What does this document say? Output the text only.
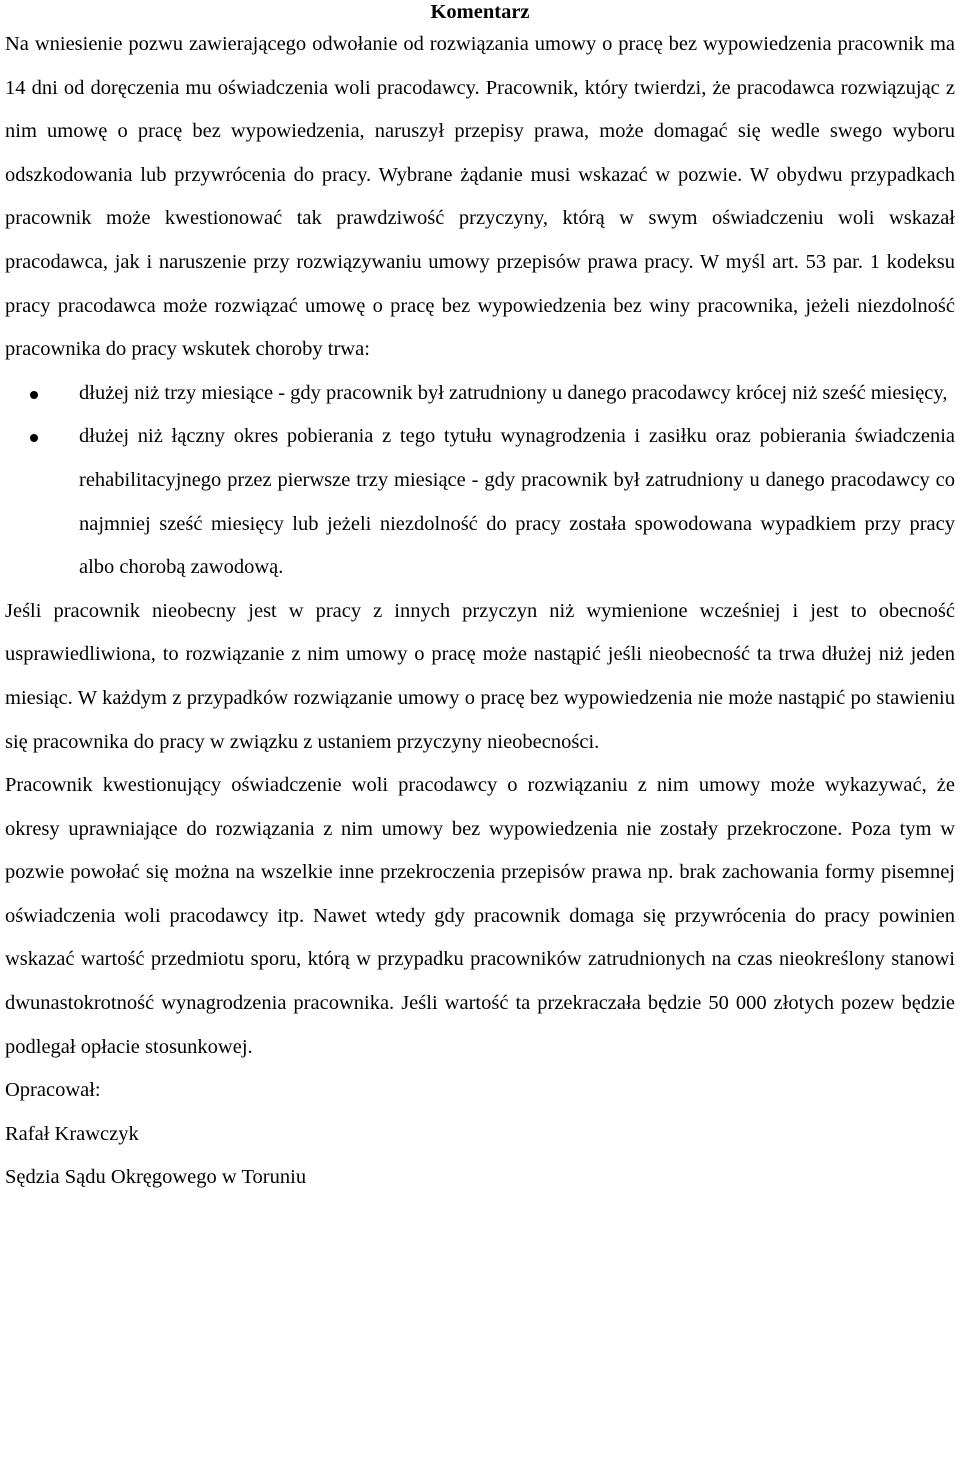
Komentarz

Na wniesienie pozwu zawierającego odwołanie od rozwiązania umowy o pracę bez wypowiedzenia pracownik ma 14 dni od doręczenia mu oświadczenia woli pracodawcy. Pracownik, który twierdzi, że pracodawca rozwiązując z nim umowę o pracę bez wypowiedzenia, naruszył przepisy prawa, może domagać się wedle swego wyboru odszkodowania lub przywrócenia do pracy. Wybrane żądanie musi wskazać w pozwie. W obydwu przypadkach pracownik może kwestionować tak prawdziwość przyczyny, którą w swym oświadczeniu woli wskazał pracodawca, jak i naruszenie przy rozwiązywaniu umowy przepisów prawa pracy. W myśl art. 53 par. 1 kodeksu pracy pracodawca może rozwiązać umowę o pracę bez wypowiedzenia bez winy pracownika, jeżeli niezdolność pracownika do pracy wskutek choroby trwa:

dłużej niż trzy miesiące - gdy pracownik był zatrudniony u danego pracodawcy krócej niż sześć miesięcy,
dłużej niż łączny okres pobierania z tego tytułu wynagrodzenia i zasiłku oraz pobierania świadczenia rehabilitacyjnego przez pierwsze trzy miesiące - gdy pracownik był zatrudniony u danego pracodawcy co najmniej sześć miesięcy lub jeżeli niezdolność do pracy została spowodowana wypadkiem przy pracy albo chorobą zawodową.

Jeśli pracownik nieobecny jest w pracy z innych przyczyn niż wymienione wcześniej i jest to obecność usprawiedliwiona, to rozwiązanie z nim umowy o pracę może nastąpić jeśli nieobecność ta trwa dłużej niż jeden miesiąc. W każdym z przypadków rozwiązanie umowy o pracę bez wypowiedzenia nie może nastąpić po stawieniu się pracownika do pracy w związku z ustaniem przyczyny nieobecności.

Pracownik kwestionujący oświadczenie woli pracodawcy o rozwiązaniu z nim umowy może wykazywać, że okresy uprawniające do rozwiązania z nim umowy bez wypowiedzenia nie zostały przekroczone. Poza tym w pozwie powołać się można na wszelkie inne przekroczenia przepisów prawa np. brak zachowania formy pisemnej oświadczenia woli pracodawcy itp. Nawet wtedy gdy pracownik domaga się przywrócenia do pracy powinien wskazać wartość przedmiotu sporu, którą w przypadku pracowników zatrudnionych na czas nieokreślony stanowi dwunastokrotność wynagrodzenia pracownika. Jeśli wartość ta przekraczała będzie 50 000 złotych pozew będzie podlegał opłacie stosunkowej.

Opracował:
Rafał Krawczyk
Sędzia Sądu Okręgowego w Toruniu
